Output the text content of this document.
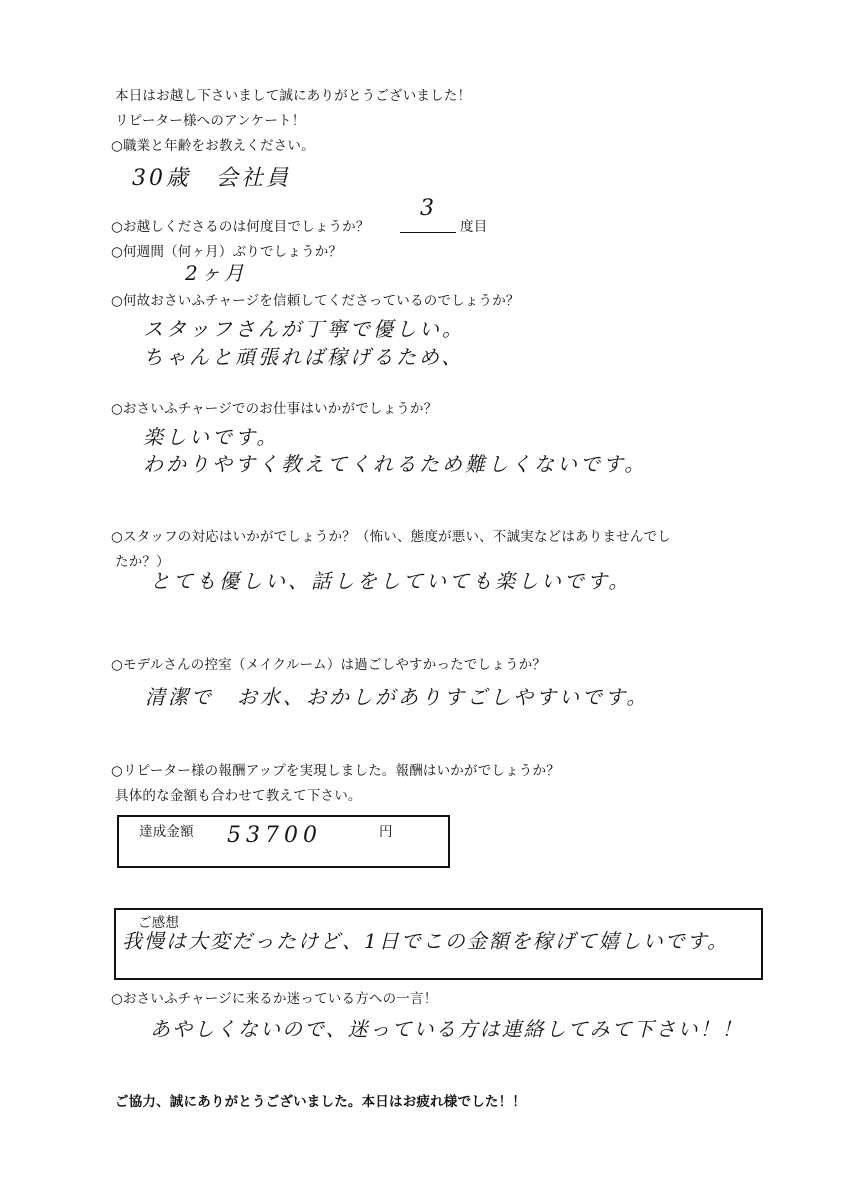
本日はお越し下さいまして誠にありがとうございました！
リピーター様へのアンケート！
○職業と年齢をお教えください。
30歳　会社員
○お越しくださるのは何度目でしょうか？
3
度目
○何週間（何ヶ月）ぶりでしょうか？
2ヶ月
○何故おさいふチャージを信頼してくださっているのでしょうか？
スタッフさんが丁寧で優しい。
ちゃんと頑張れば稼げるため、
○おさいふチャージでのお仕事はいかがでしょうか？
楽しいです。
わかりやすく教えてくれるため難しくないです。
○スタッフの対応はいかがでしょうか？（怖い、態度が悪い、不誠実などはありませんでし
たか？）
とても優しい、話しをしていても楽しいです。
○モデルさんの控室（メイクルーム）は過ごしやすかったでしょうか？
清潔で　お水、おかしがありすごしやすいです。
○リピーター様の報酬アップを実現しました。報酬はいかがでしょうか？
具体的な金額も合わせて教えて下さい。
達成金額 53700	円
ご感想
我慢は大変だったけど、1日でこの金額を稼げて嬉しいです。
○おさいふチャージに来るか迷っている方への一言！
あやしくないので、迷っている方は連絡してみて下さい！！
ご協力、誠にありがとうございました。本日はお疲れ様でした！！
